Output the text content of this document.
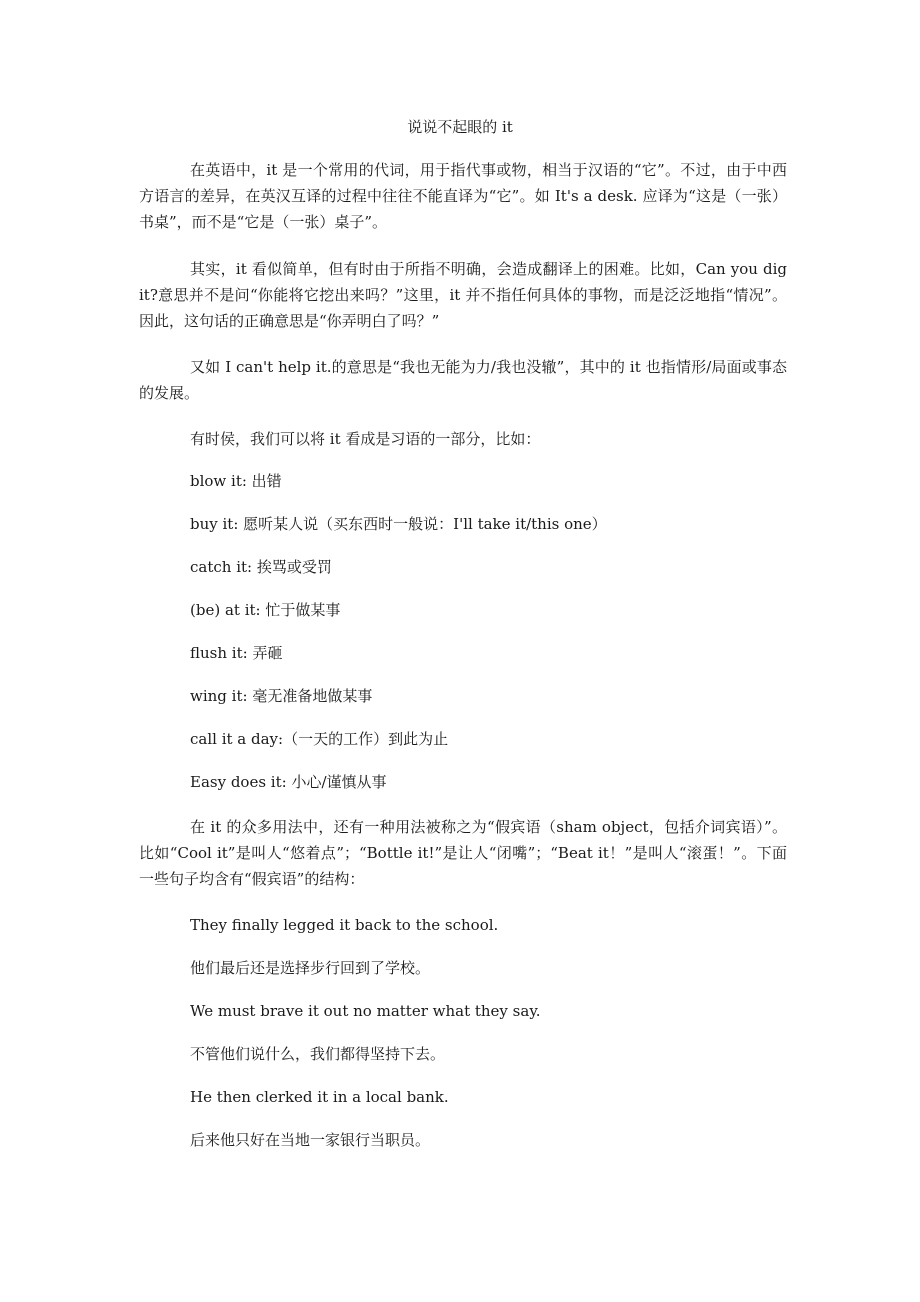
说说不起眼的 it

在英语中，it 是一个常用的代词，用于指代事或物，相当于汉语的“它”。不过，由于中西方语言的差异，在英汉互译的过程中往往不能直译为“它”。如 It's a desk. 应译为“这是（一张）书桌”，而不是“它是（一张）桌子”。

其实，it 看似简单，但有时由于所指不明确，会造成翻译上的困难。比如，Can you dig it?意思并不是问“你能将它挖出来吗？”这里，it 并不指任何具体的事物，而是泛泛地指“情况”。因此，这句话的正确意思是“你弄明白了吗？”

又如 I can't help it.的意思是“我也无能为力/我也没辙”，其中的 it 也指情形/局面或事态的发展。

有时侯，我们可以将 it 看成是习语的一部分，比如：

blow it: 出错

buy it: 愿听某人说（买东西时一般说：I'll take it/this one）

catch it: 挨骂或受罚

(be) at it: 忙于做某事

flush it: 弄砸

wing it: 毫无准备地做某事

call it a day:（一天的工作）到此为止

Easy does it: 小心/谨慎从事

在 it 的众多用法中，还有一种用法被称之为“假宾语（sham object，包括介词宾语）”。比如“Cool it”是叫人“悠着点”；“Bottle it!”是让人“闭嘴”；“Beat it！”是叫人“滚蛋！”。下面一些句子均含有“假宾语”的结构：

They finally legged it back to the school.

他们最后还是选择步行回到了学校。

We must brave it out no matter what they say.

不管他们说什么，我们都得坚持下去。

He then clerked it in a local bank.

后来他只好在当地一家银行当职员。
